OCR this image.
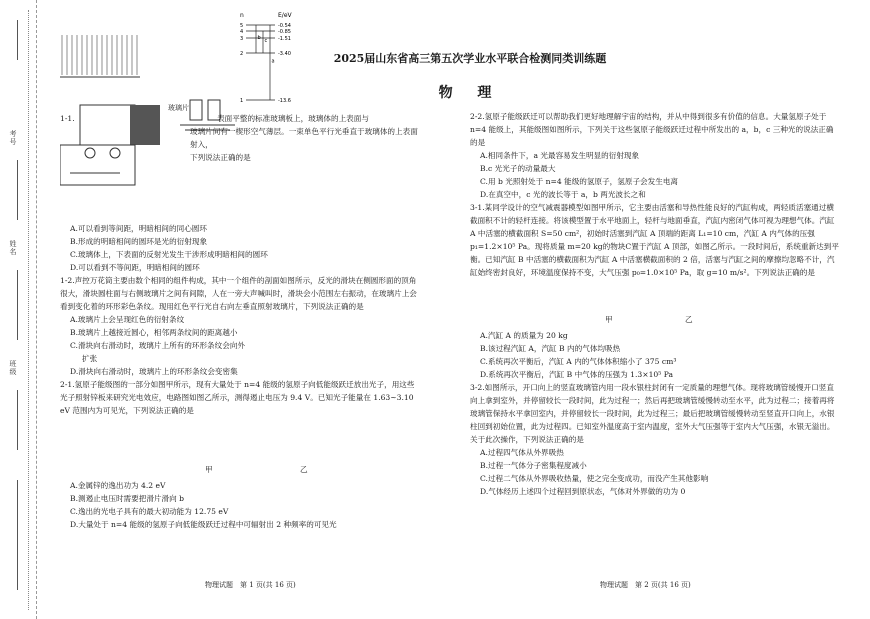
考号
姓名
班级
n	E/eV
5	-0.54
4	-0.85
3	-1.51
2	-3.40
1	-13.6
b c
a
玻璃片
2025届山东省高三第五次学业水平联合检测同类训练题
物 理

1-1.	表面平整的标准玻璃板上，玻璃体的上表面与

玻璃片间有一楔形空气薄层。一束单色平行光垂直于玻璃体的上表面射入，

下列说法正确的是

A.可以看到等间距，明暗相间的同心圆环

B.形成的明暗相间的圆环是光的衍射现象

C.玻璃体上，下表面的反射光发生干涉形成明暗相间的圆环

D.可以看到不等间距，明暗相间的圆环

1-2.声控万花筒主要由数个相同的组件构成，其中一个组件的剖面如图所示，反光的滑块在侧圆形面的顶角很大，滑块圆柱面与右侧玻璃片之间有间隙，人在一旁大声喊叫时，滑块会小范围左右振动，在玻璃片上会看到变化着的环形彩色条纹。现用红色平行光自右向左垂直照射玻璃片，下列说法正确的是

A.玻璃片上会呈现红色的衍射条纹

B.玻璃片上越接近圆心，相邻两条纹间的距离越小

C.滑块向右滑动时，玻璃片上所有的环形条纹会向外

扩张

D.滑块向右滑动时，玻璃片上的环形条纹会变密集

2-1.氢原子能级图的一部分如图甲所示，现有大量处于 n=4 能级的氢原子向低能级跃迁放出光子，用这些光子照射锌板来研究光电效应，电路图如图乙所示，测得遏止电压为 9.4 V。已知光子能量在 1.63~3.10 eV 范围内为可见光，下列说法正确的是

甲	乙

A.金属锌的逸出功为 4.2 eV

B.测遏止电压时需要把滑片滑向 b

C.逸出的光电子具有的最大初动能为 12.75 eV

D.大量处于 n=4 能级的氢原子向低能级跃迁过程中可辐射出 2 种频率的可见光

2-2.氢原子能级跃迁可以帮助我们更好地理解宇宙的结构，并从中得到很多有价值的信息。大量氢原子处于 n=4 能级上，其能级图如图所示，下列关于这些氢原子能级跃迁过程中所发出的 a，b，c 三种光的说法正确的是

A.相同条件下，a 光最容易发生明显的衍射现象

B.c 光光子的动量最大

C.用 b 光照射处于 n=4 能级的氢原子，氢原子会发生电离

D.在真空中，c 光的波长等于 a，b 两光波长之和

3-1.某同学设计的空气减震器模型如图甲所示，它主要由活塞和导热性能良好的汽缸构成，两轻质活塞通过横截面积不计的轻杆连接。将该模型置于水平地面上，轻杆与地面垂直，汽缸内密闭气体可视为理想气体。汽缸 A 中活塞的横截面积 S=50 cm²，初始时活塞到汽缸 A 顶端的距离 L₁=10 cm，汽缸 A 内气体的压强 p₁=1.2×10⁵ Pa。现将质量 m=20 kg的物块C置于汽缸 A 顶部，如图乙所示。一段时间后，系统重新达到平衡。已知汽缸 B 中活塞的横截面积为汽缸 A 中活塞横截面积的 2 倍，活塞与汽缸之间的摩擦均忽略不计，汽缸始终密封良好，环境温度保持不变，大气压强 p₀=1.0×10⁵ Pa，取 g=10 m/s²。下列说法正确的是

甲	乙

A.汽缸 A 的质量为 20 kg

B.该过程汽缸 A，汽缸 B 内的气体均吸热

C.系统再次平衡后，汽缸 A 内的气体体积缩小了 375 cm³

D.系统再次平衡后，汽缸 B 中气体的压强为 1.3×10⁵ Pa

3-2.如图所示，开口向上的竖直玻璃管内用一段水银柱封闭有一定质量的理想气体。现将玻璃管缓慢开口竖直向上拿到室外，并停留较长一段时间，此为过程一；然后再把玻璃管缓慢转动至水平，此为过程二；接着再将玻璃管保持水平拿回室内，并停留较长一段时间，此为过程三；最后把玻璃管缓慢转动至竖直开口向上，水银柱回到初始位置，此为过程四。已知室外温度高于室内温度，室外大气压强等于室内大气压强，水银无溢出。关于此次操作，下列说法正确的是

A.过程四气体从外界吸热

B.过程一气体分子密集程度减小

C.过程二气体从外界吸收热量，使之完全变成功，而没产生其他影响

D.气体经历上述四个过程回到原状态，气体对外界做的功为 0

物理试题　第 1 页(共 16 页)	物理试题　第 2 页(共 16 页)
